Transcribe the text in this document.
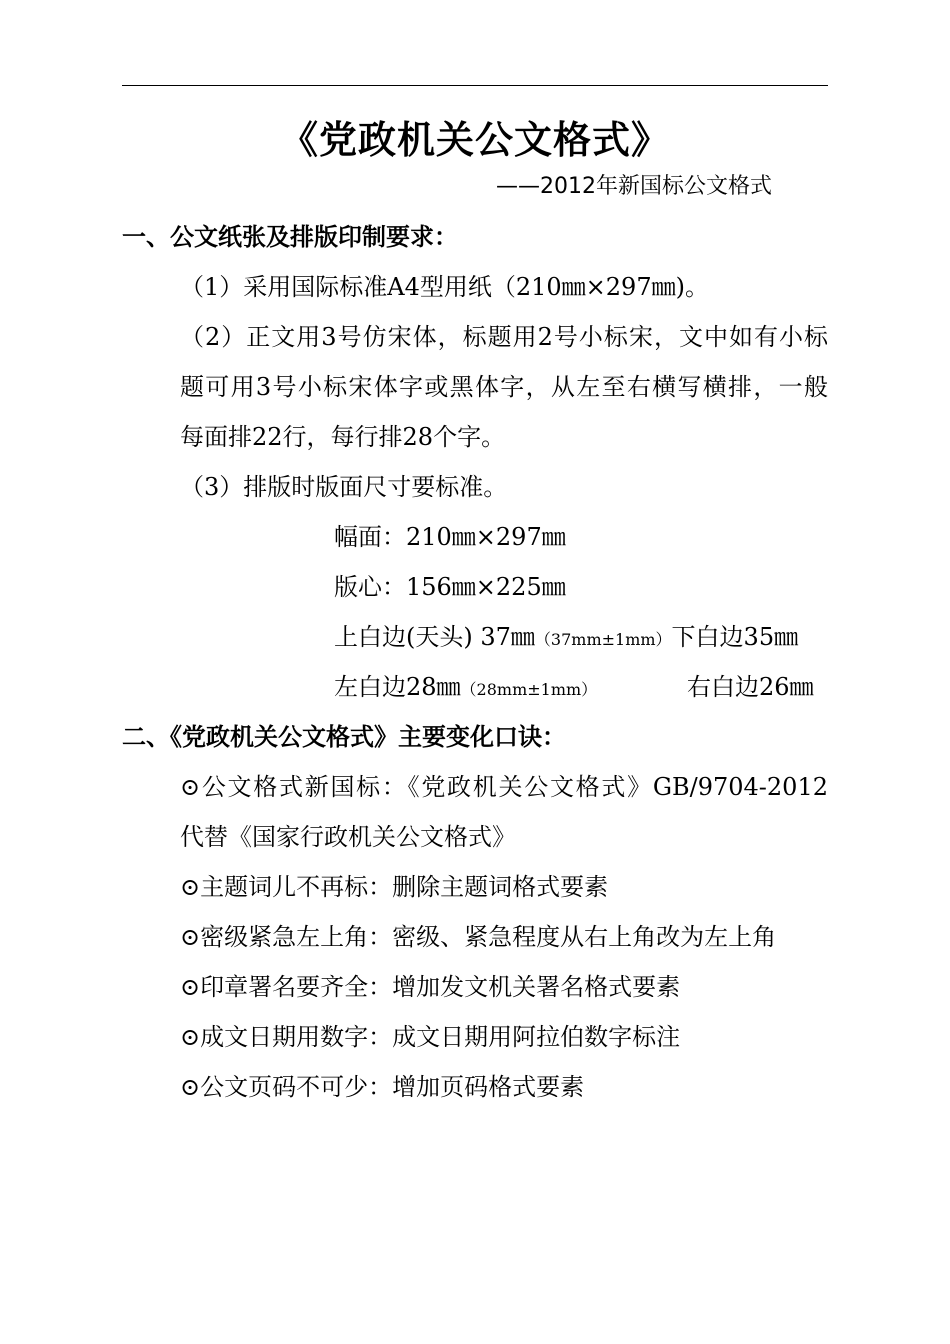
《党政机关公文格式》
——2012年新国标公文格式
一、公文纸张及排版印制要求：
（1）采用国际标准A4型用纸（210㎜×297㎜)。
（2）正文用3号仿宋体，标题用2号小标宋，文中如有小标
题可用3号小标宋体字或黑体字，从左至右横写横排，一般
每面排22行，每行排28个字。
（3）排版时版面尺寸要标准。
幅面：210㎜×297㎜
版心：156㎜×225㎜
上白边(天头) 37㎜（37mm±1mm）下白边35㎜
左白边28㎜（28mm±1mm）	右白边26㎜
二、《党政机关公文格式》主要变化口诀：
⊙公文格式新国标：《党政机关公文格式》GB/9704-2012
代替《国家行政机关公文格式》
⊙主题词儿不再标：删除主题词格式要素
⊙密级紧急左上角：密级、紧急程度从右上角改为左上角
⊙印章署名要齐全：增加发文机关署名格式要素
⊙成文日期用数字：成文日期用阿拉伯数字标注
⊙公文页码不可少：增加页码格式要素
